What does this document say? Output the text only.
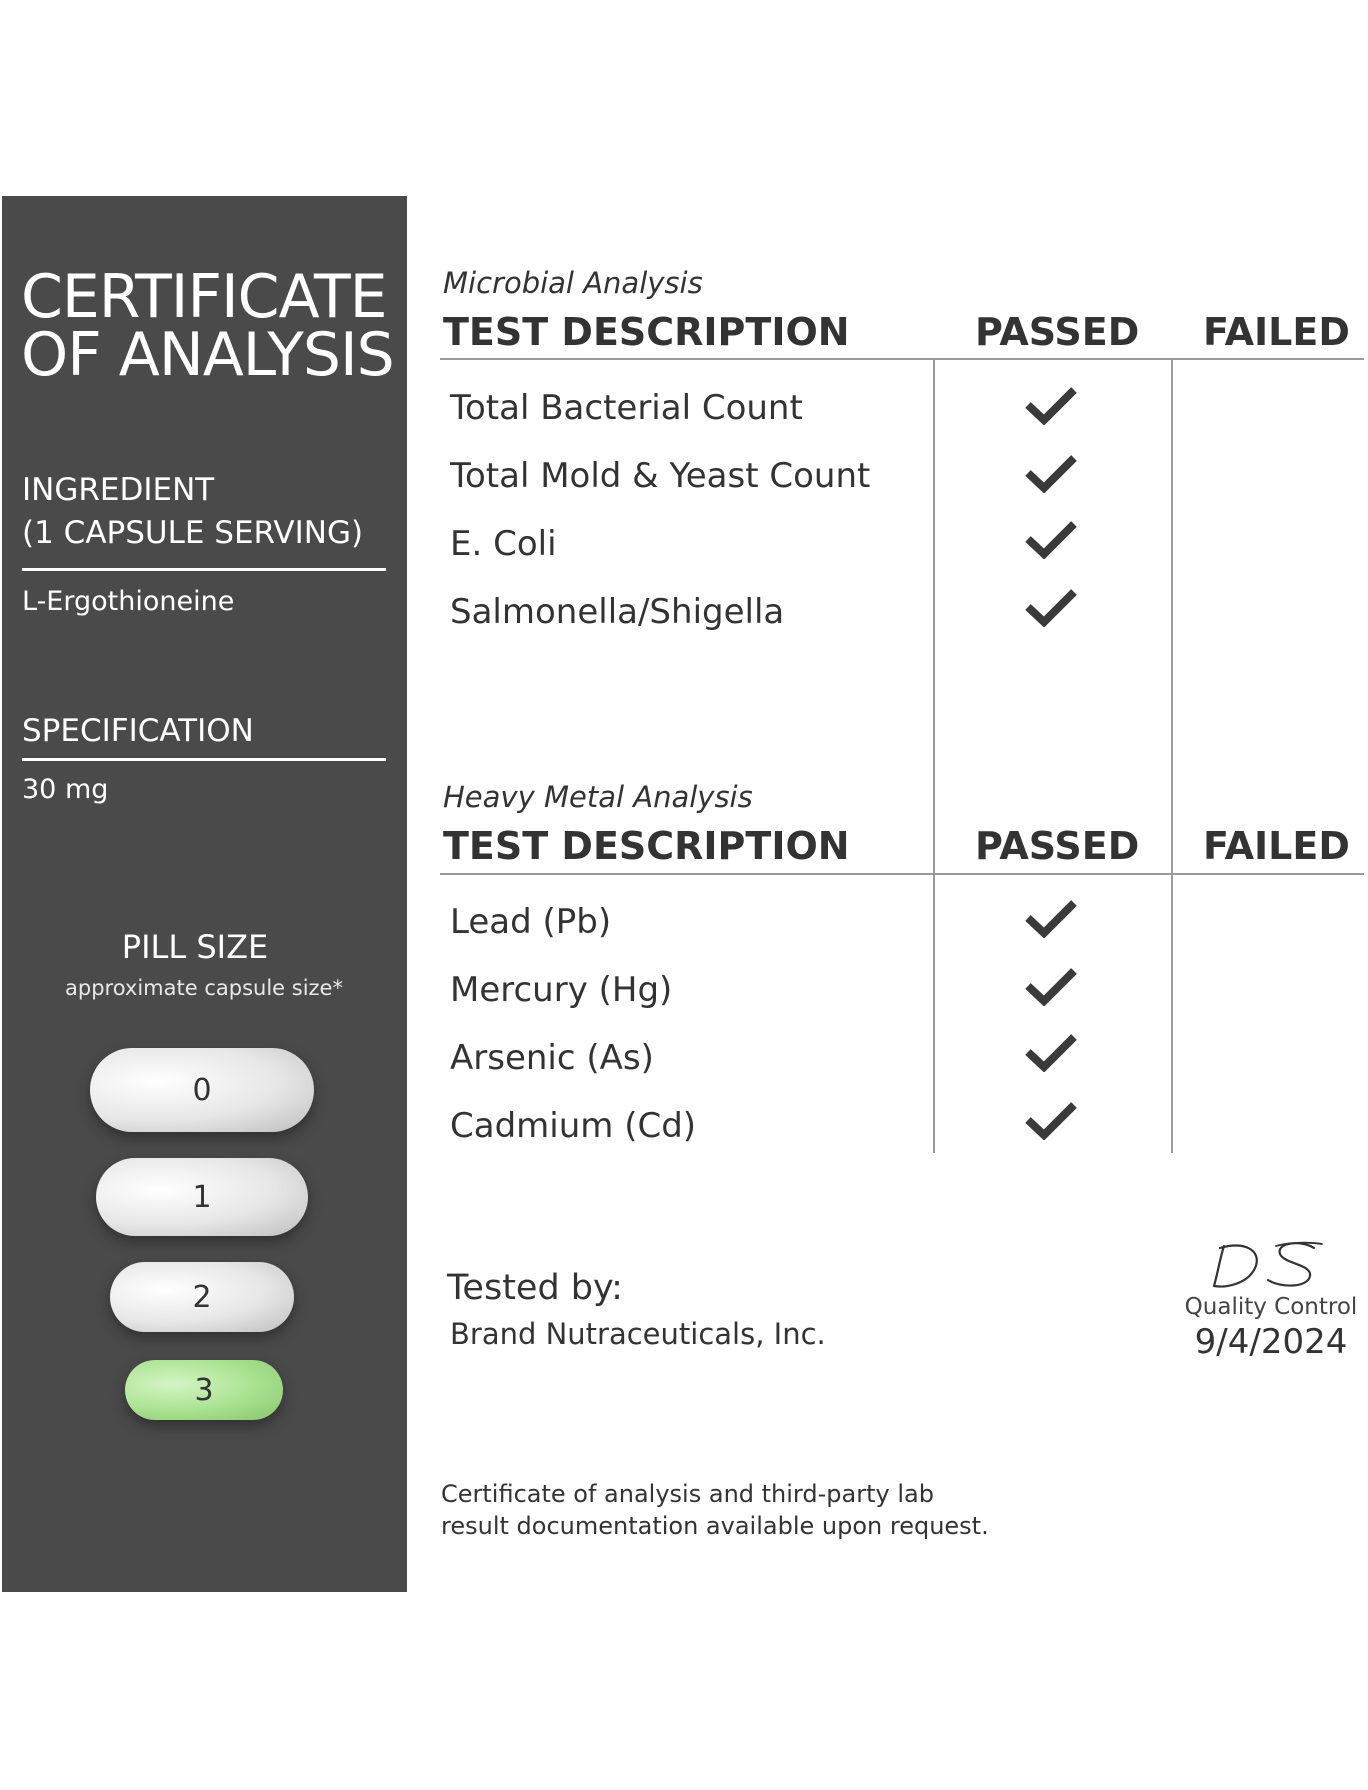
CERTIFICATE
OF ANALYSIS
INGREDIENT
(1 CAPSULE SERVING)
L-Ergothioneine
SPECIFICATION
30 mg
PILL SIZE
approximate capsule size*
0
1
2
3
Microbial Analysis
TEST DESCRIPTION	PASSED FAILED
Total Bacterial Count
Total Mold & Yeast Count
E. Coli
Salmonella/Shigella
Heavy Metal Analysis
TEST DESCRIPTION	PASSED FAILED
Lead (Pb)
Mercury (Hg)
Arsenic (As)
Cadmium (Cd)
Tested by:
Brand Nutraceuticals, Inc.
Quality Control
9/4/2024
Certificate of analysis and third-party lab
result documentation available upon request.
